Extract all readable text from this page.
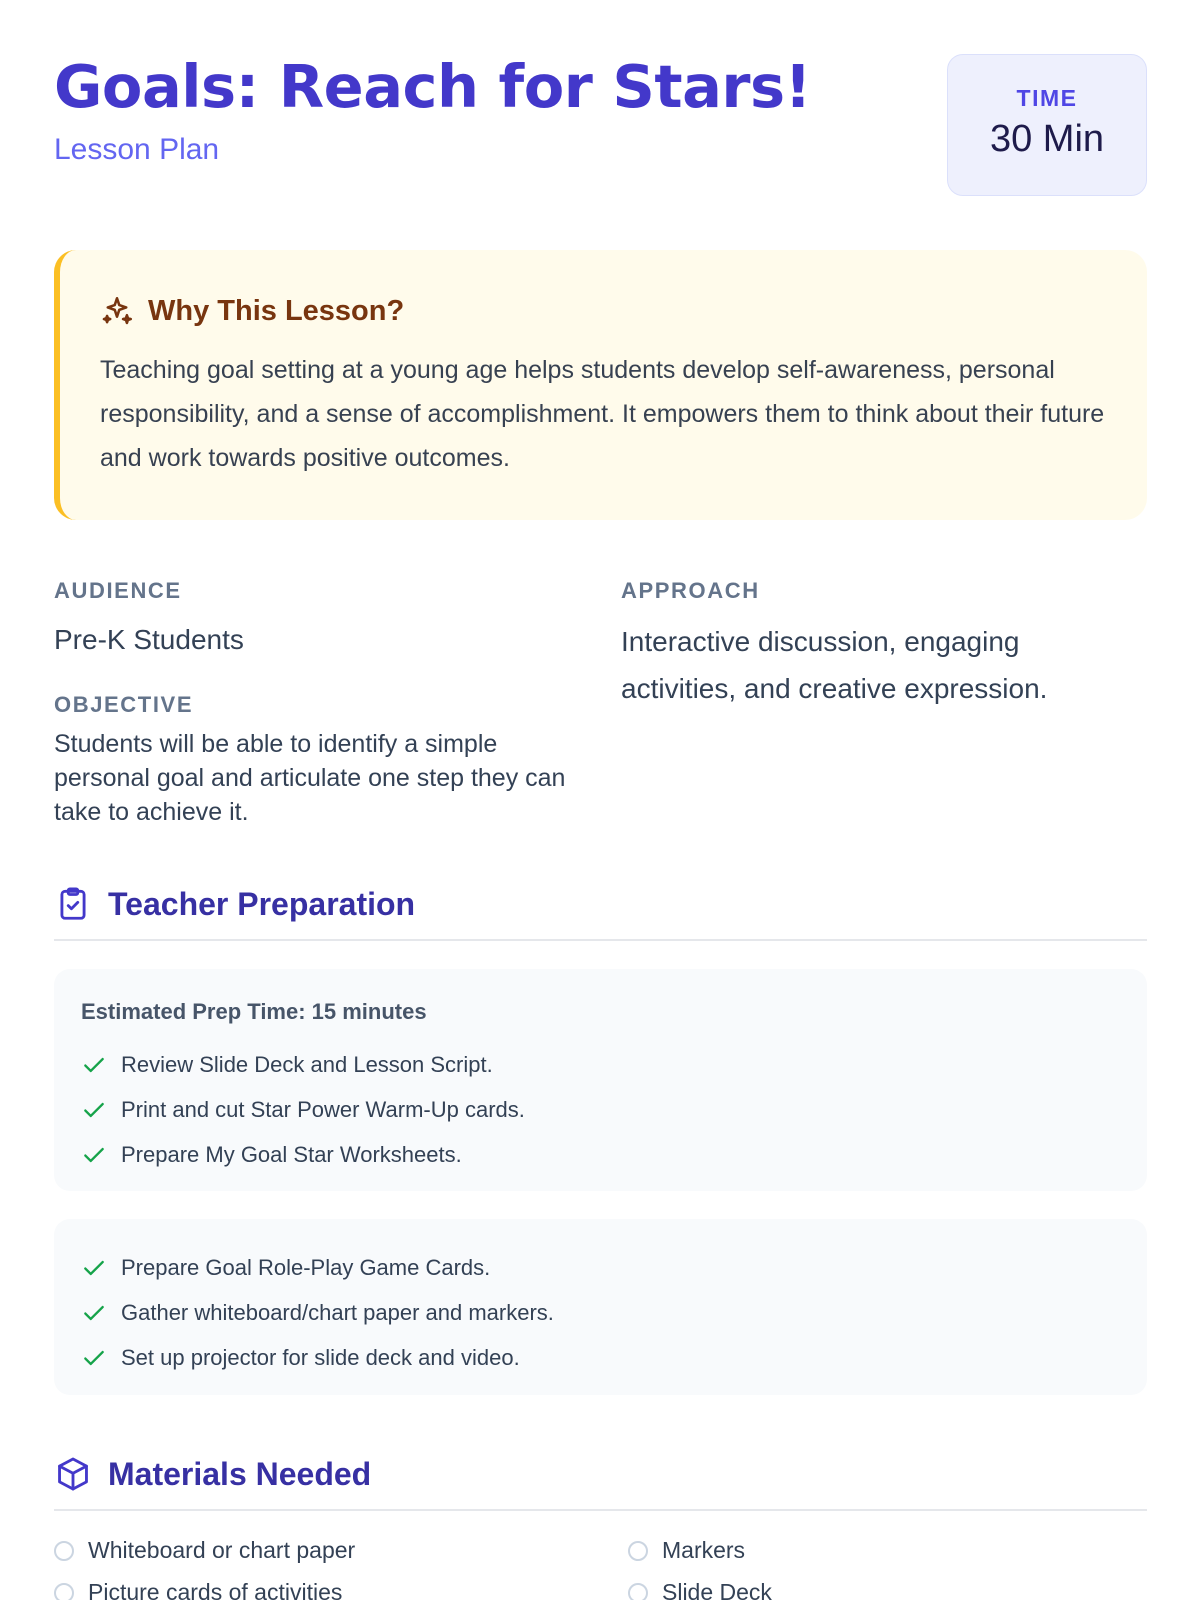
Goals: Reach for Stars!
Lesson Plan
TIME
30 Min
Why This Lesson?

Teaching goal setting at a young age helps students develop self-awareness, personal responsibility, and a sense of accomplishment. It empowers them to think about their future and work towards positive outcomes.

AUDIENCE
Pre-K Students
OBJECTIVE

Students will be able to identify a simple personal goal and articulate one step they can take to achieve it.

APPROACH

Interactive discussion, engaging activities, and creative expression.

Teacher Preparation
Estimated Prep Time: 15 minutes
Review Slide Deck and Lesson Script.
Print and cut Star Power Warm-Up cards.
Prepare My Goal Star Worksheets.
Prepare Goal Role-Play Game Cards.
Gather whiteboard/chart paper and markers.
Set up projector for slide deck and video.
Materials Needed
Whiteboard or chart paper	Markers
Picture cards of activities	Slide Deck
